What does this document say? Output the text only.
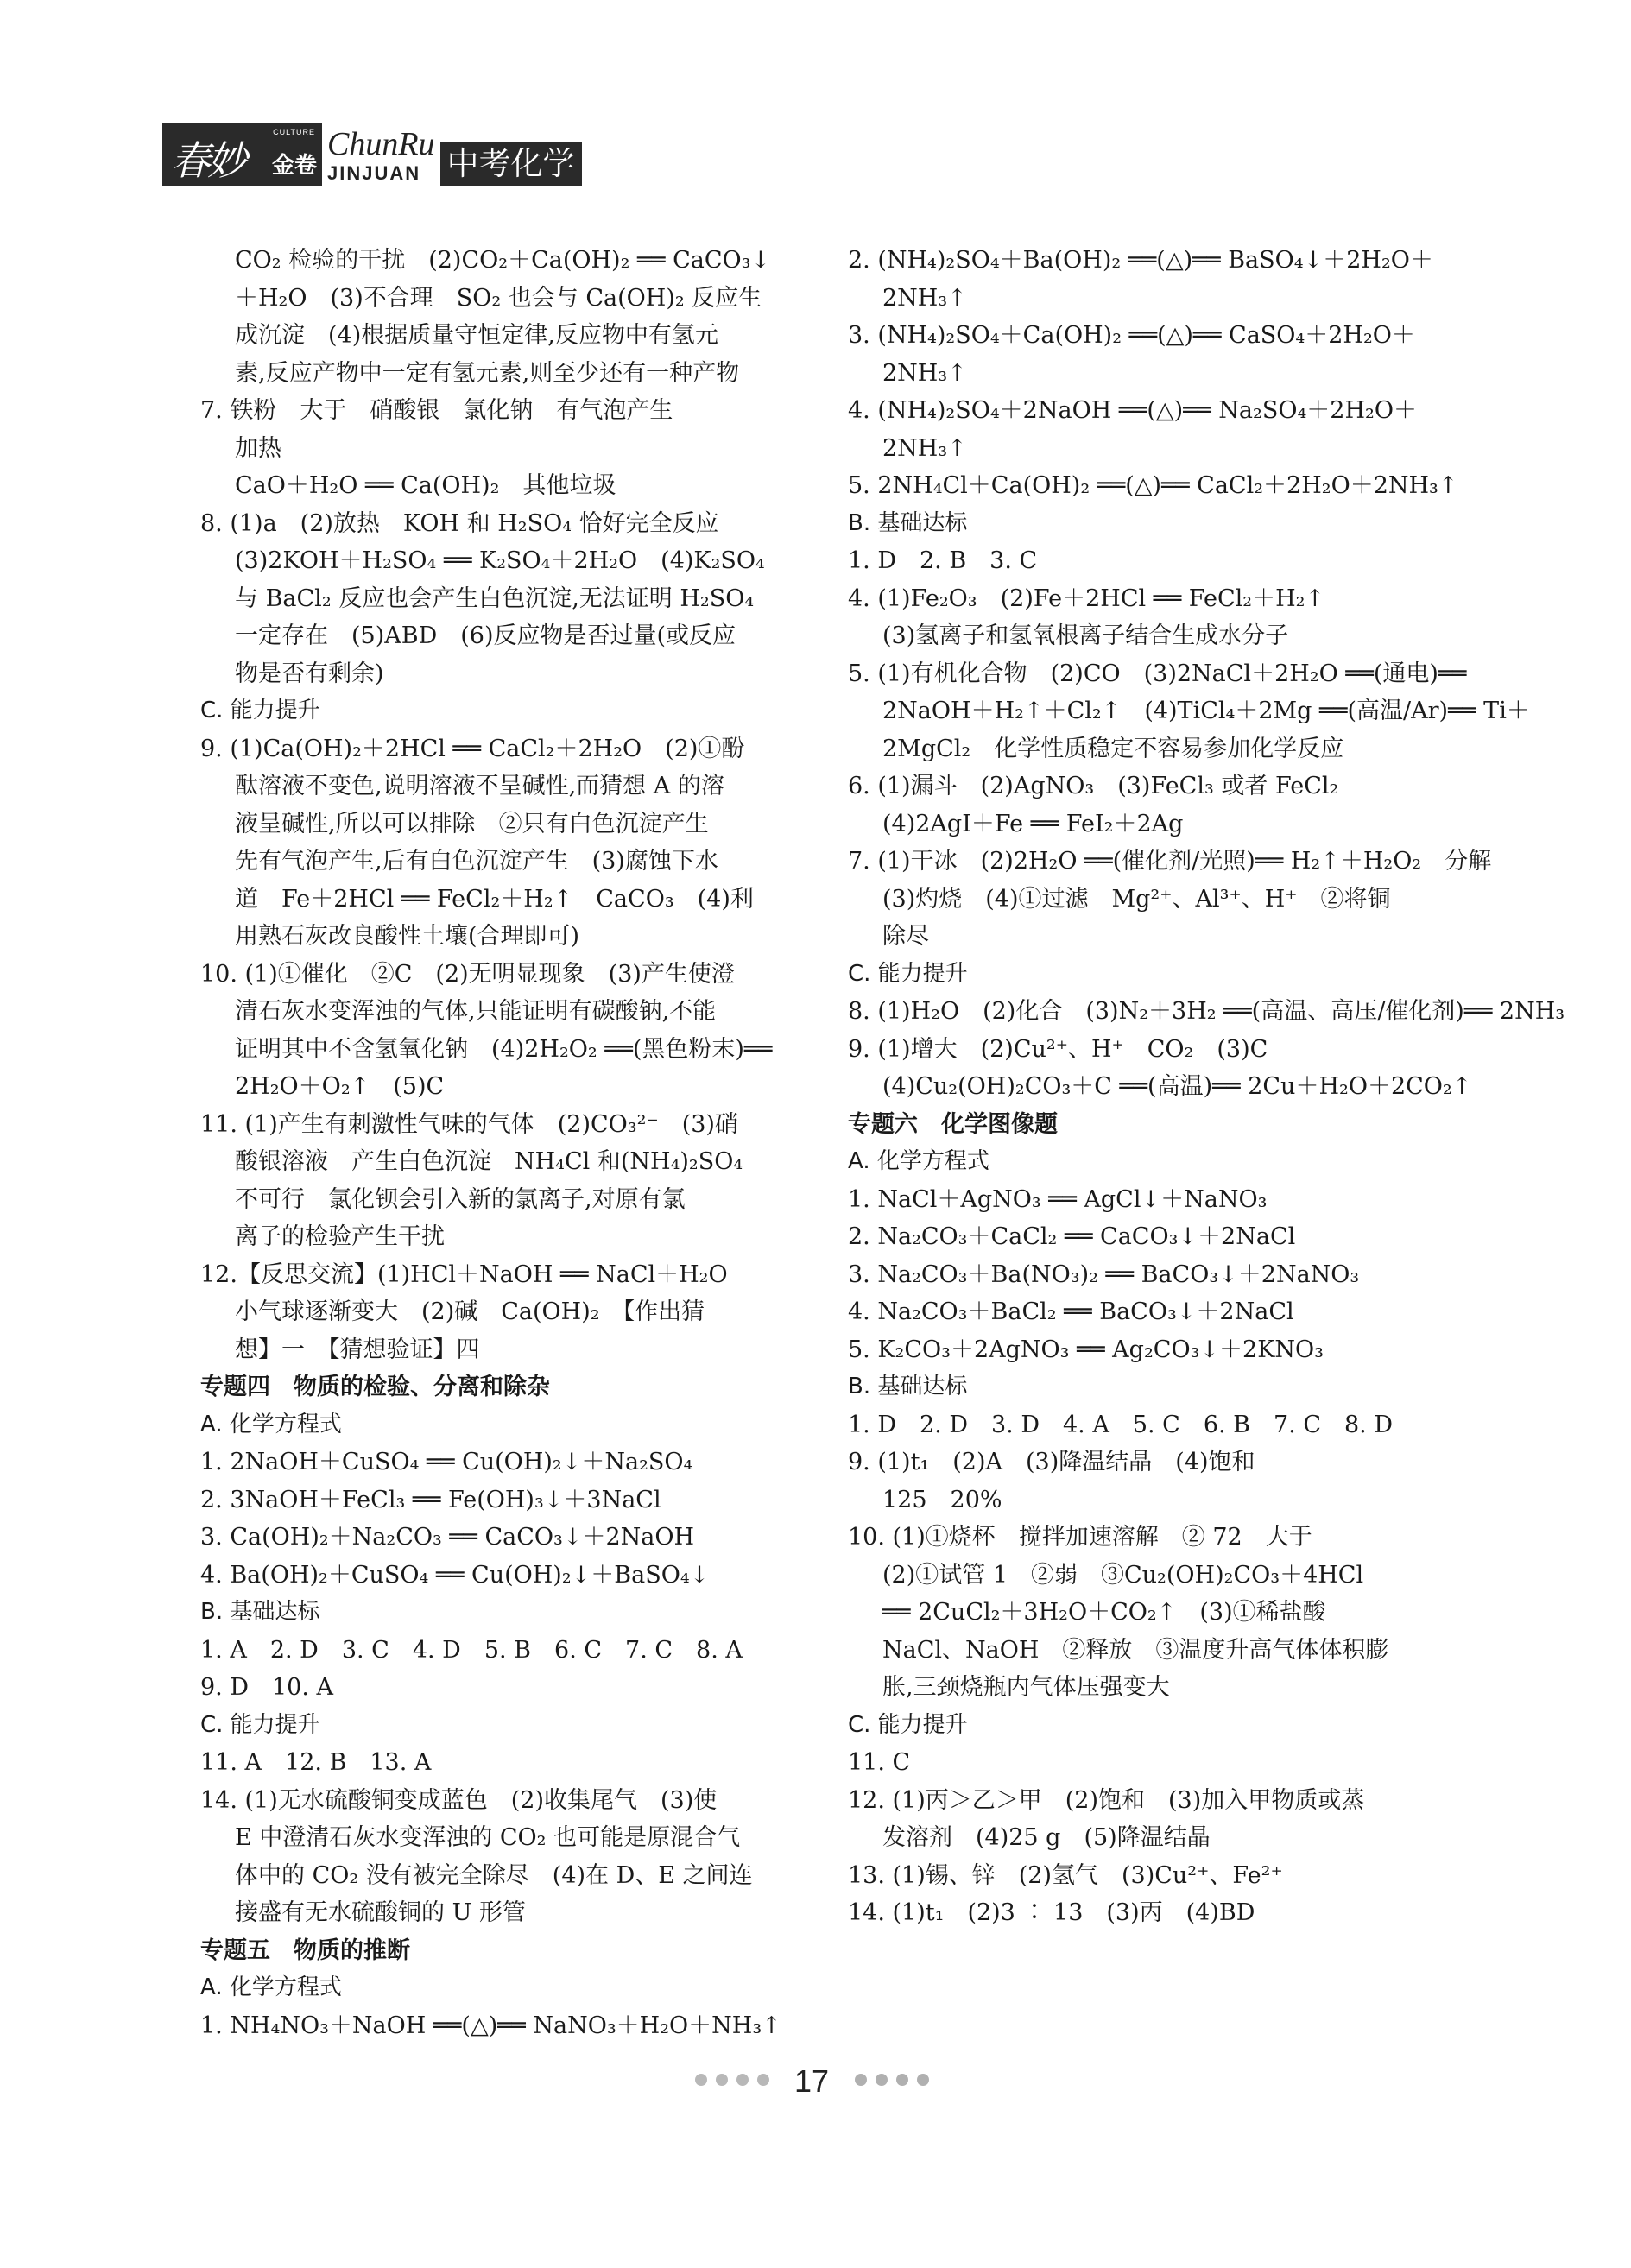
春妙
CULTURE
金卷
ChunRu
JINJUAN 中考化学
CO₂ 检验的干扰　(2)CO₂＋Ca(OH)₂ ══ CaCO₃↓
＋H₂O　(3)不合理　SO₂ 也会与 Ca(OH)₂ 反应生
成沉淀　(4)根据质量守恒定律,反应物中有氢元
素,反应产物中一定有氢元素,则至少还有一种产物
7. 铁粉　大于　硝酸银　氯化钠　有气泡产生
加热
CaO＋H₂O ══ Ca(OH)₂　其他垃圾
8. (1)a　(2)放热　KOH 和 H₂SO₄ 恰好完全反应
(3)2KOH＋H₂SO₄ ══ K₂SO₄＋2H₂O　(4)K₂SO₄
与 BaCl₂ 反应也会产生白色沉淀,无法证明 H₂SO₄
一定存在　(5)ABD　(6)反应物是否过量(或反应
物是否有剩余)
C. 能力提升
9. (1)Ca(OH)₂＋2HCl ══ CaCl₂＋2H₂O　(2)①酚
酞溶液不变色,说明溶液不呈碱性,而猜想 A 的溶
液呈碱性,所以可以排除　②只有白色沉淀产生
先有气泡产生,后有白色沉淀产生　(3)腐蚀下水
道　Fe＋2HCl ══ FeCl₂＋H₂↑　CaCO₃　(4)利
用熟石灰改良酸性土壤(合理即可)
10. (1)①催化　②C　(2)无明显现象　(3)产生使澄
清石灰水变浑浊的气体,只能证明有碳酸钠,不能
证明其中不含氢氧化钠　(4)2H₂O₂ ══(黑色粉末)══
2H₂O＋O₂↑　(5)C
11. (1)产生有刺激性气味的气体　(2)CO₃²⁻　(3)硝
酸银溶液　产生白色沉淀　NH₄Cl 和(NH₄)₂SO₄
不可行　氯化钡会引入新的氯离子,对原有氯
离子的检验产生干扰
12.【反思交流】(1)HCl＋NaOH ══ NaCl＋H₂O
小气球逐渐变大　(2)碱　Ca(OH)₂　【作出猜
想】一　【猜想验证】四
专题四　物质的检验、分离和除杂
A. 化学方程式
1. 2NaOH＋CuSO₄ ══ Cu(OH)₂↓＋Na₂SO₄
2. 3NaOH＋FeCl₃ ══ Fe(OH)₃↓＋3NaCl
3. Ca(OH)₂＋Na₂CO₃ ══ CaCO₃↓＋2NaOH
4. Ba(OH)₂＋CuSO₄ ══ Cu(OH)₂↓＋BaSO₄↓
B. 基础达标
1. A　2. D　3. C　4. D　5. B　6. C　7. C　8. A
9. D　10. A
C. 能力提升
11. A　12. B　13. A
14. (1)无水硫酸铜变成蓝色　(2)收集尾气　(3)使
E 中澄清石灰水变浑浊的 CO₂ 也可能是原混合气
体中的 CO₂ 没有被完全除尽　(4)在 D、E 之间连
接盛有无水硫酸铜的 U 形管
专题五　物质的推断
A. 化学方程式
1. NH₄NO₃＋NaOH ══(△)══ NaNO₃＋H₂O＋NH₃↑
2. (NH₄)₂SO₄＋Ba(OH)₂ ══(△)══ BaSO₄↓＋2H₂O＋
2NH₃↑
3. (NH₄)₂SO₄＋Ca(OH)₂ ══(△)══ CaSO₄＋2H₂O＋
2NH₃↑
4. (NH₄)₂SO₄＋2NaOH ══(△)══ Na₂SO₄＋2H₂O＋
2NH₃↑
5. 2NH₄Cl＋Ca(OH)₂ ══(△)══ CaCl₂＋2H₂O＋2NH₃↑
B. 基础达标
1. D　2. B　3. C
4. (1)Fe₂O₃　(2)Fe＋2HCl ══ FeCl₂＋H₂↑
(3)氢离子和氢氧根离子结合生成水分子
5. (1)有机化合物　(2)CO　(3)2NaCl＋2H₂O ══(通电)══
2NaOH＋H₂↑＋Cl₂↑　(4)TiCl₄＋2Mg ══(高温/Ar)══ Ti＋
2MgCl₂　化学性质稳定不容易参加化学反应
6. (1)漏斗　(2)AgNO₃　(3)FeCl₃ 或者 FeCl₂
(4)2AgI＋Fe ══ FeI₂＋2Ag
7. (1)干冰　(2)2H₂O ══(催化剂/光照)══ H₂↑＋H₂O₂　分解
(3)灼烧　(4)①过滤　Mg²⁺、Al³⁺、H⁺　②将铜
除尽
C. 能力提升
8. (1)H₂O　(2)化合　(3)N₂＋3H₂ ══(高温、高压/催化剂)══ 2NH₃
9. (1)增大　(2)Cu²⁺、H⁺　CO₂　(3)C
(4)Cu₂(OH)₂CO₃＋C ══(高温)══ 2Cu＋H₂O＋2CO₂↑
专题六　化学图像题
A. 化学方程式
1. NaCl＋AgNO₃ ══ AgCl↓＋NaNO₃
2. Na₂CO₃＋CaCl₂ ══ CaCO₃↓＋2NaCl
3. Na₂CO₃＋Ba(NO₃)₂ ══ BaCO₃↓＋2NaNO₃
4. Na₂CO₃＋BaCl₂ ══ BaCO₃↓＋2NaCl
5. K₂CO₃＋2AgNO₃ ══ Ag₂CO₃↓＋2KNO₃
B. 基础达标
1. D　2. D　3. D　4. A　5. C　6. B　7. C　8. D
9. (1)t₁　(2)A　(3)降温结晶　(4)饱和
125　20%
10. (1)①烧杯　搅拌加速溶解　② 72　大于
(2)①试管 1　②弱　③Cu₂(OH)₂CO₃＋4HCl
══ 2CuCl₂＋3H₂O＋CO₂↑　(3)①稀盐酸
NaCl、NaOH　②释放　③温度升高气体体积膨
胀,三颈烧瓶内气体压强变大
C. 能力提升
11. C
12. (1)丙＞乙＞甲　(2)饱和　(3)加入甲物质或蒸
发溶剂　(4)25 g　(5)降温结晶
13. (1)锡、锌　(2)氢气　(3)Cu²⁺、Fe²⁺
14. (1)t₁　(2)3 ∶ 13　(3)丙　(4)BD
17
